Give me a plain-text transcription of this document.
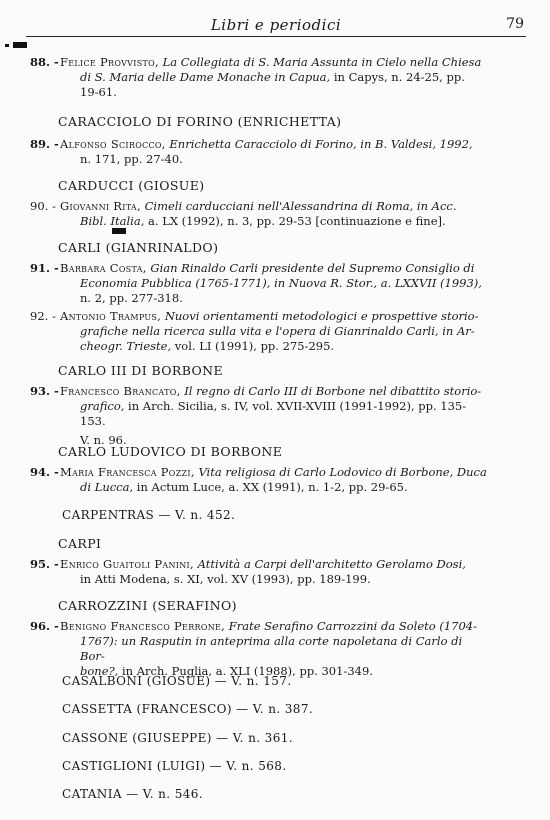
Libri e periodici	79
88. - Felice Provvisto, La Collegiata di S. Maria Assunta in Cielo nella Chiesa
di S. Maria delle Dame Monache in Capua, in Capys, n. 24-25, pp.
19-61.
CARACCIOLO DI FORINO (ENRICHETTA)
89. - Alfonso Scirocco, Enrichetta Caracciolo di Forino, in B. Valdesi, 1992,
n. 171, pp. 27-40.
CARDUCCI (GIOSUE)
90. - Giovanni Rita, Cimeli carducciani nell'Alessandrina di Roma, in Acc.
Bibl. Italia, a. LX (1992), n. 3, pp. 29-53 [continuazione e fine].
CARLI (GIANRINALDO)
91. - Barbara Costa, Gian Rinaldo Carli presidente del Supremo Consiglio di
Economia Pubblica (1765-1771), in Nuova R. Stor., a. LXXVII (1993),
n. 2, pp. 277-318.
92. - Antonio Trampus, Nuovi orientamenti metodologici e prospettive storio-
grafiche nella ricerca sulla vita e l'opera di Gianrinaldo Carli, in Ar-
cheogr. Trieste, vol. LI (1991), pp. 275-295.
CARLO III DI BORBONE
93. - Francesco Brancato, Il regno di Carlo III di Borbone nel dibattito storio-
grafico, in Arch. Sicilia, s. IV, vol. XVII-XVIII (1991-1992), pp. 135-153.
V. n. 96.
CARLO LUDOVICO DI BORBONE
94. - Maria Francesca Pozzi, Vita religiosa di Carlo Lodovico di Borbone, Duca
di Lucca, in Actum Luce, a. XX (1991), n. 1-2, pp. 29-65.
CARPENTRAS — V. n. 452.
CARPI
95. - Enrico Guaitoli Panini, Attività a Carpi dell'architetto Gerolamo Dosi,
in Atti Modena, s. XI, vol. XV (1993), pp. 189-199.
CARROZZINI (SERAFINO)
96. - Benigno Francesco Perrone, Frate Serafino Carrozzini da Soleto (1704-
1767): un Rasputin in anteprima alla corte napoletana di Carlo di Bor-
bone?, in Arch. Puglia, a. XLI (1988), pp. 301-349.
CASALBONI (GIOSUÈ) — V. n. 157.
CASSETTA (FRANCESCO) — V. n. 387.
CASSONE (GIUSEPPE) — V. n. 361.
CASTIGLIONI (LUIGI) — V. n. 568.
CATANIA — V. n. 546.
